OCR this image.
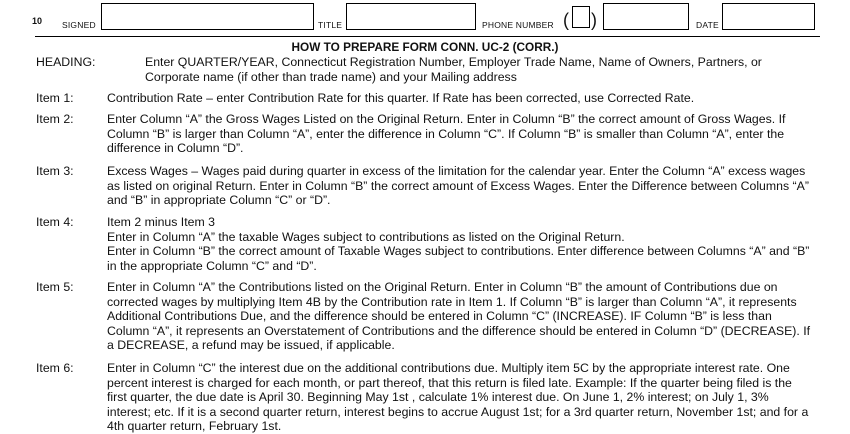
10 SIGNED	TITLE	PHONE NUMBER ( )	DATE
HOW TO PREPARE FORM CONN. UC-2 (CORR.)
HEADING:	Enter QUARTER/YEAR, Connecticut Registration Number, Employer Trade Name, Name of Owners, Partners, or Corporate name (if other than trade name) and your Mailing address
Item 1:	Contribution Rate – enter Contribution Rate for this quarter. If Rate has been corrected, use Corrected Rate.
Item 2:	Enter Column “A” the Gross Wages Listed on the Original Return. Enter in Column “B” the correct amount of Gross Wages. If Column “B” is larger than Column “A”, enter the difference in Column “C”. If Column “B” is smaller than Column “A”, enter the difference in Column “D”.
Item 3:	Excess Wages – Wages paid during quarter in excess of the limitation for the calendar year. Enter the Column “A” excess wages as listed on original Return. Enter in Column “B” the correct amount of Excess Wages. Enter the Difference between Columns “A” and “B” in appropriate Column “C” or “D”.
Item 4:	Item 2 minus Item 3
Enter in Column “A” the taxable Wages subject to contributions as listed on the Original Return.
Enter in Column “B” the correct amount of Taxable Wages subject to contributions. Enter difference between Columns “A” and “B” in the appropriate Column “C” and “D”.
Item 5:	Enter in Column “A” the Contributions listed on the Original Return. Enter in Column “B” the amount of Contributions due on corrected wages by multiplying Item 4B by the Contribution rate in Item 1. If Column “B” is larger than Column “A”, it represents Additional Contributions Due, and the difference should be entered in Column “C” (INCREASE). IF Column “B” is less than Column “A”, it represents an Overstatement of Contributions and the difference should be entered in Column “D” (DECREASE). If a DECREASE, a refund may be issued, if applicable.
Item 6:	Enter in Column “C” the interest due on the additional contributions due. Multiply item 5C by the appropriate interest rate. One percent interest is charged for each month, or part thereof, that this return is filed late. Example: If the quarter being filed is the first quarter, the due date is April 30. Beginning May 1st , calculate 1% interest due. On June 1, 2% interest; on July 1, 3% interest; etc. If it is a second quarter return, interest begins to accrue August 1st; for a 3rd quarter return, November 1st; and for a 4th quarter return, February 1st.
